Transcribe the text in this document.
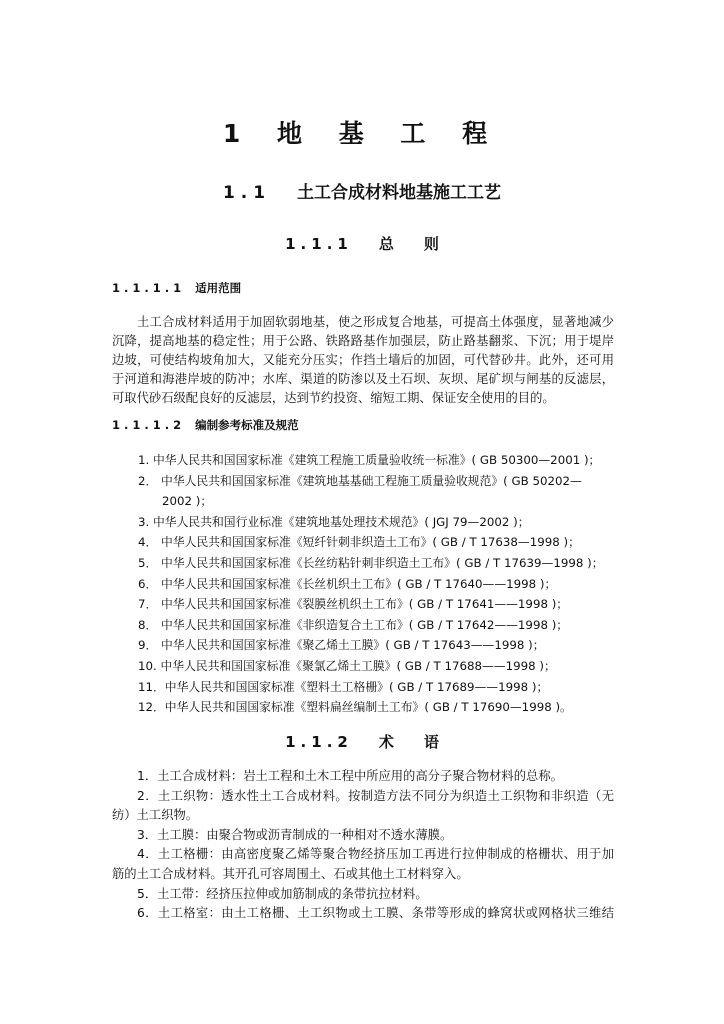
1 地 基 工 程
1.1 土工合成材料地基施工工艺
1.1.1 总　　则
1.1.1.1 适用范围
土工合成材料适用于加固软弱地基，使之形成复合地基，可提高土体强度，显著地减少
沉降，提高地基的稳定性；用于公路、铁路路基作加强层，防止路基翻浆、下沉；用于堤岸
边坡，可使结构坡角加大，又能充分压实；作挡土墙后的加固，可代替砂井。此外，还可用
于河道和海港岸坡的防冲；水库、渠道的防渗以及土石坝、灰坝、尾矿坝与闸基的反滤层，
可取代砂石级配良好的反滤层，达到节约投资、缩短工期、保证安全使用的目的。
1.1.1.2 编制参考标准及规范
1. 中华人民共和国国家标准《建筑工程施工质量验收统一标准》( GB 50300—2001 )；
2． 中华人民共和国国家标准《建筑地基基础工程施工质量验收规范》( GB 50202—
2002 )；
3. 中华人民共和国行业标准《建筑地基处理技术规范》( JGJ 79—2002 )；
4． 中华人民共和国国家标准《短纤针刺非织造土工布》( GB / T 17638—1998 )；
5． 中华人民共和国国家标准《长丝纺粘针刺非织造土工布》( GB / T 17639—1998 )；
6． 中华人民共和国国家标准《长丝机织土工布》( GB / T 17640——1998 )；
7． 中华人民共和国国家标准《裂膜丝机织土工布》( GB / T 17641——1998 )；
8． 中华人民共和国国家标准《非织造复合土工布》( GB / T 17642——1998 )；
9． 中华人民共和国国家标准《聚乙烯土工膜》( GB / T 17643——1998 )；
10. 中华人民共和国国家标准《聚氯乙烯土工膜》( GB / T 17688——1998 )；
11．中华人民共和国国家标准《塑料土工格栅》( GB / T 17689——1998 )；
12．中华人民共和国国家标准《塑料扁丝编制土工布》( GB / T 17690—1998 )。
1.1.2 术　　语
1．土工合成材料：岩土工程和土木工程中所应用的高分子聚合物材料的总称。
2．土工织物：透水性土工合成材料。按制造方法不同分为织造土工织物和非织造（无
纺）土工织物。
3．土工膜：由聚合物或沥青制成的一种相对不透水薄膜。
4．土工格栅：由高密度聚乙烯等聚合物经挤压加工再进行拉伸制成的格栅状、用于加
筋的土工合成材料。其开孔可容周围土、石或其他土工材料穿入。
5．土工带：经挤压拉伸或加筋制成的条带抗拉材料。
6．土工格室：由土工格栅、土工织物或土工膜、条带等形成的蜂窝状或网格状三维结
